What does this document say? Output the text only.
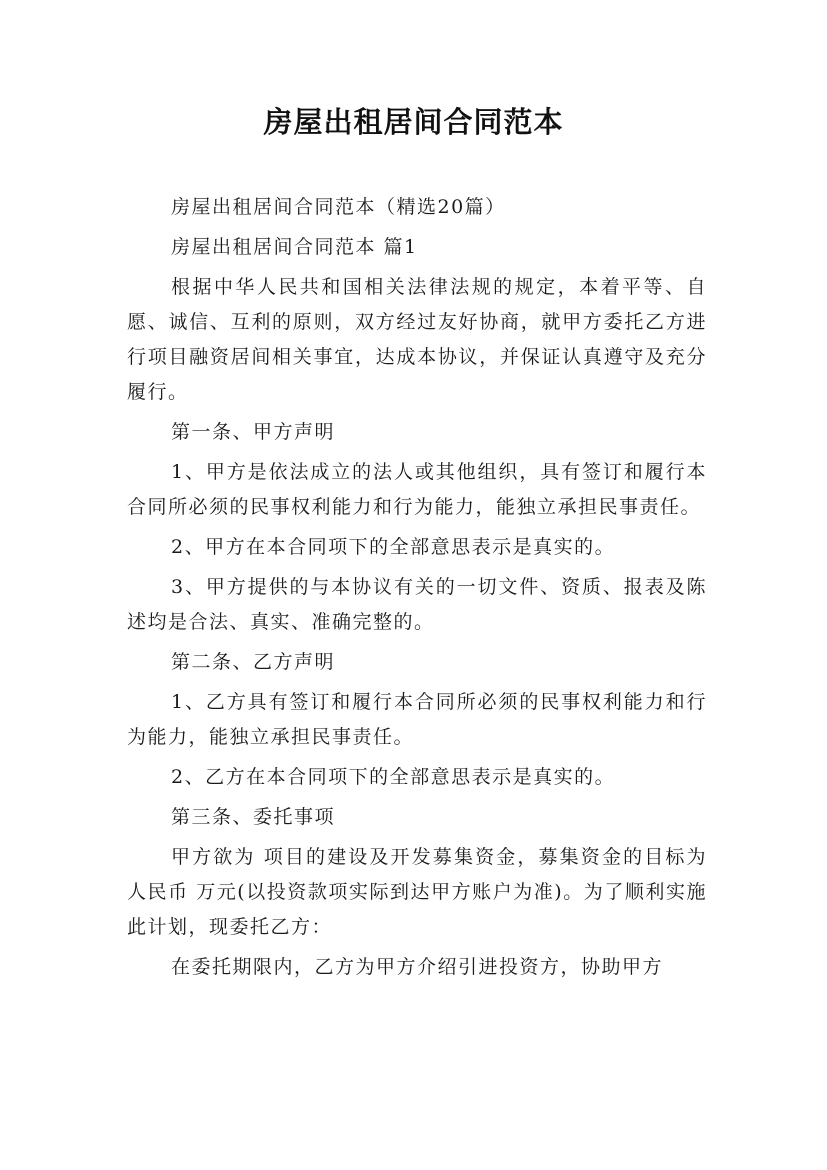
房屋出租居间合同范本

房屋出租居间合同范本（精选20篇）

房屋出租居间合同范本 篇1

根据中华人民共和国相关法律法规的规定，本着平等、自愿、诚信、互利的原则，双方经过友好协商，就甲方委托乙方进行项目融资居间相关事宜，达成本协议，并保证认真遵守及充分履行。

第一条、甲方声明

1、甲方是依法成立的法人或其他组织，具有签订和履行本合同所必须的民事权利能力和行为能力，能独立承担民事责任。

2、甲方在本合同项下的全部意思表示是真实的。

3、甲方提供的与本协议有关的一切文件、资质、报表及陈述均是合法、真实、准确完整的。

第二条、乙方声明

1、乙方具有签订和履行本合同所必须的民事权利能力和行为能力，能独立承担民事责任。

2、乙方在本合同项下的全部意思表示是真实的。

第三条、委托事项

甲方欲为 项目的建设及开发募集资金，募集资金的目标为人民币 万元(以投资款项实际到达甲方账户为准)。为了顺利实施此计划，现委托乙方：

在委托期限内，乙方为甲方介绍引进投资方，协助甲方
